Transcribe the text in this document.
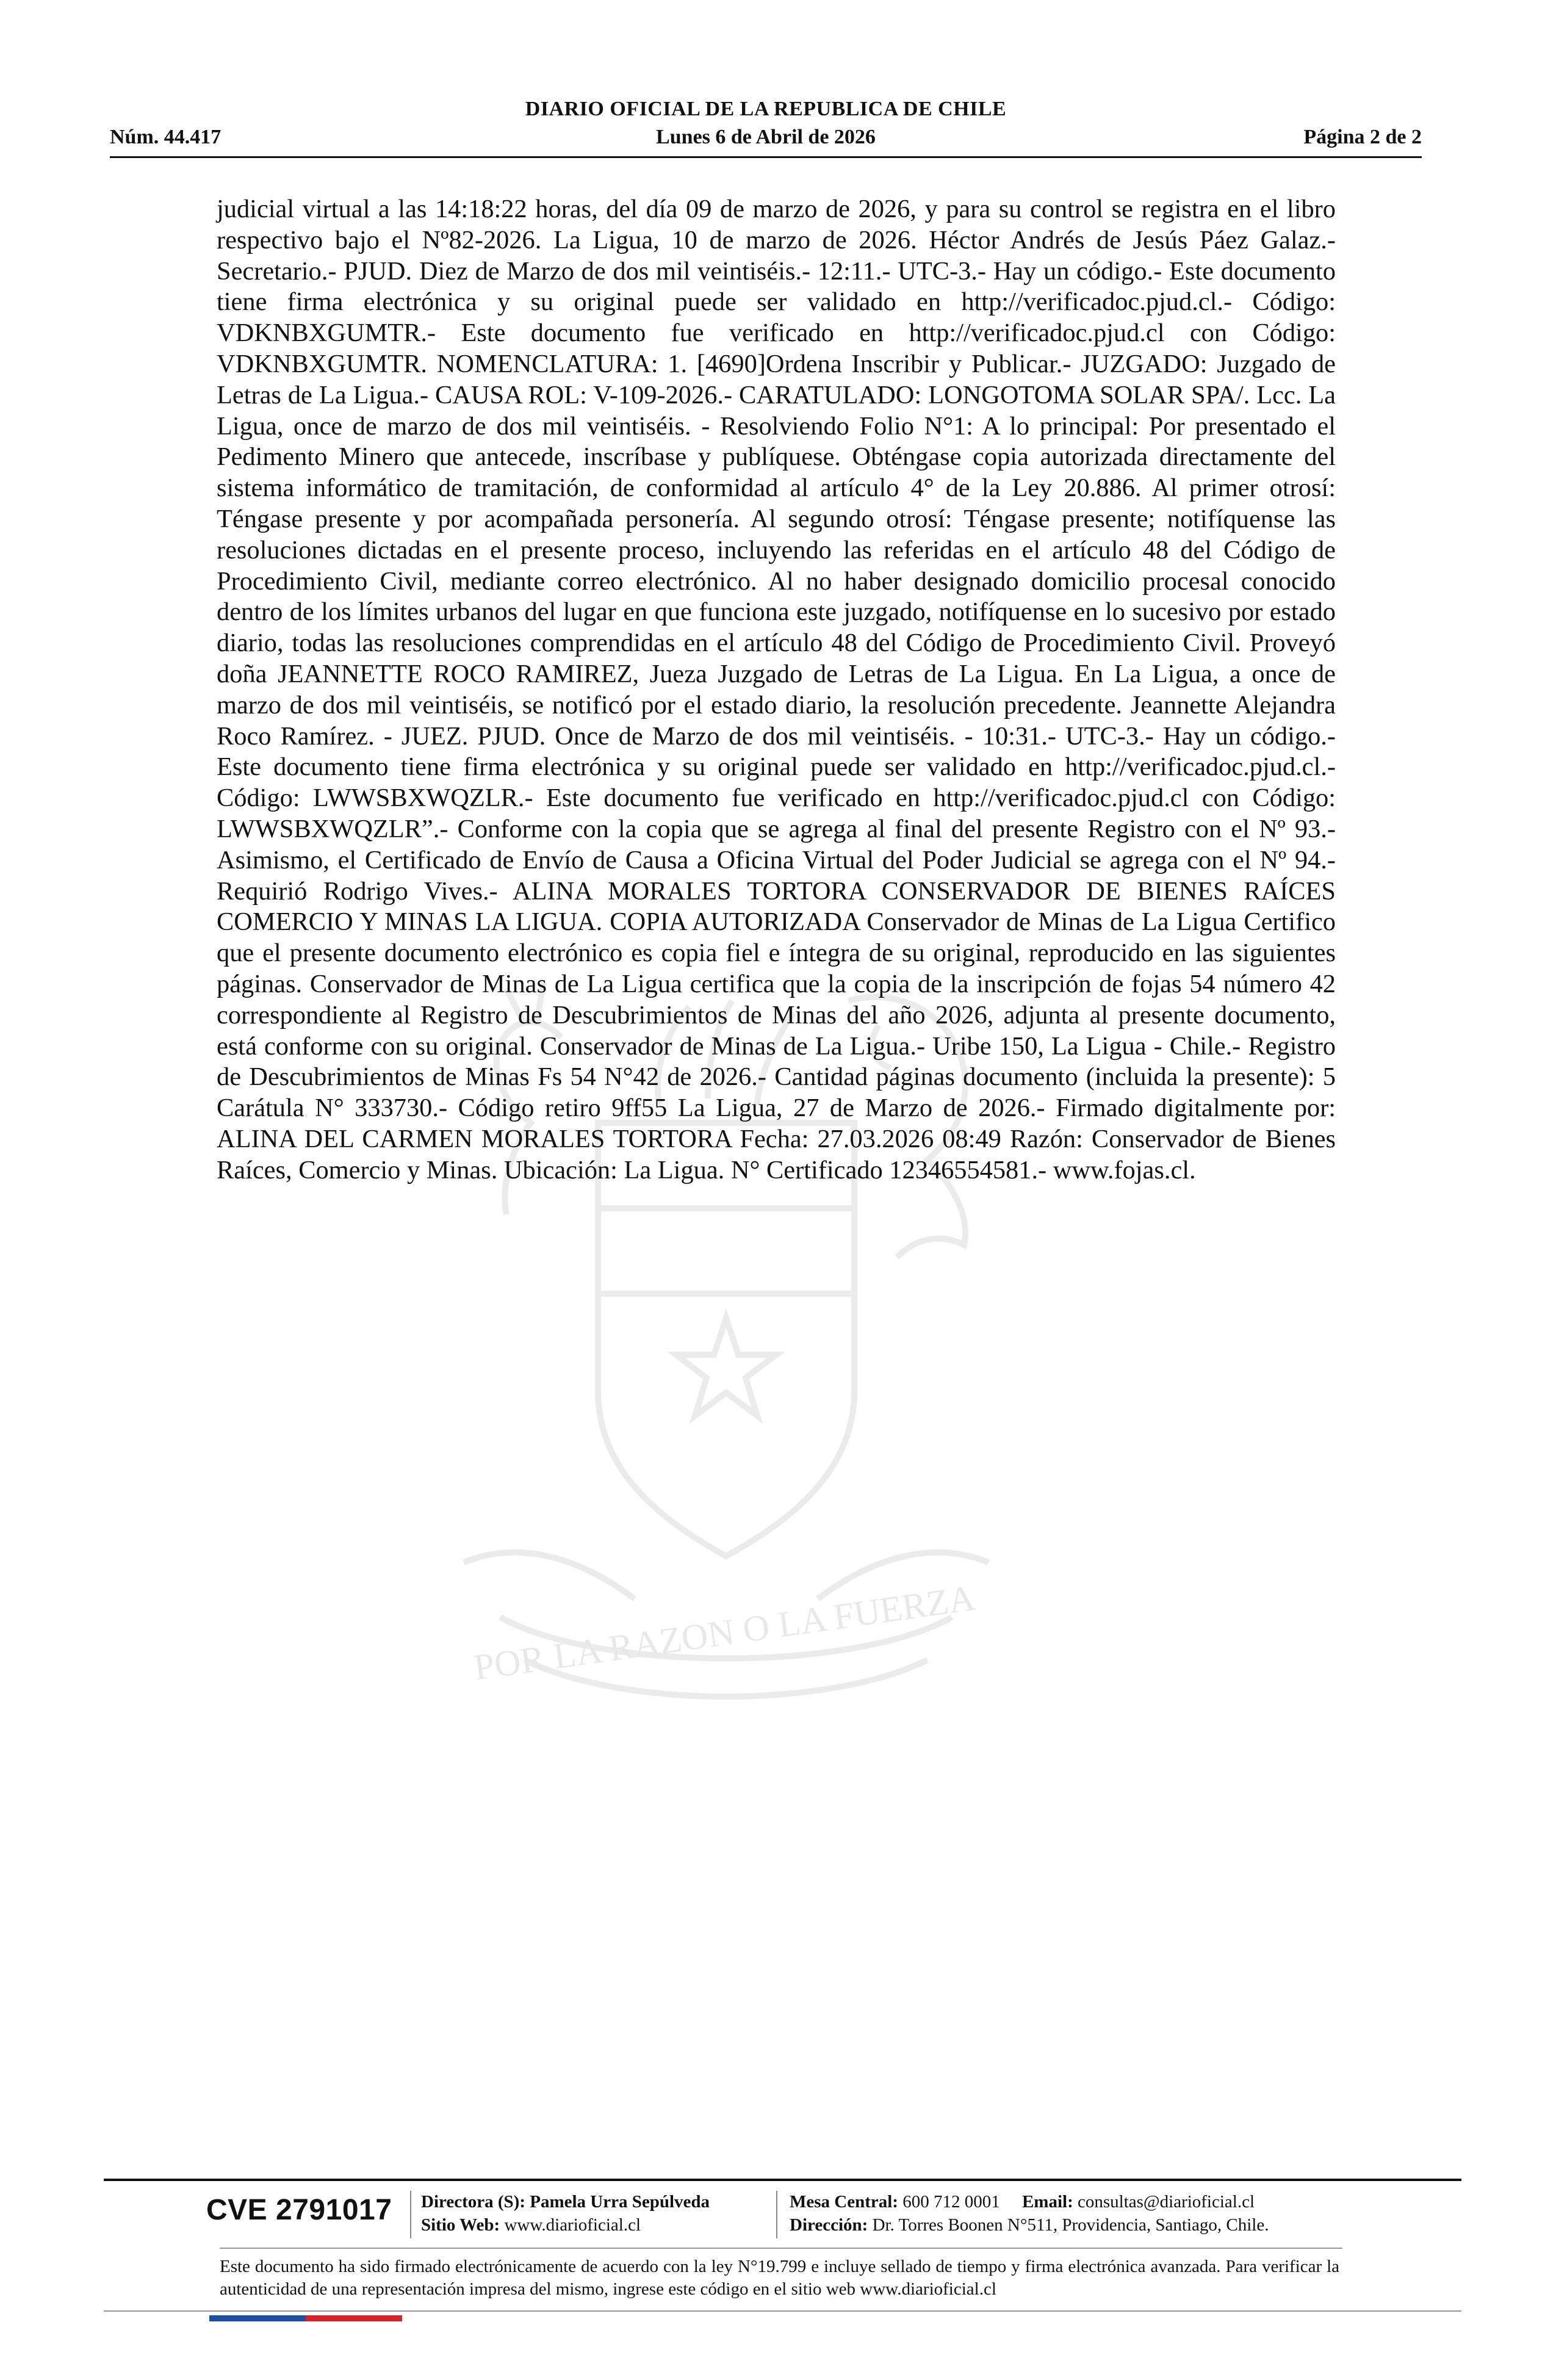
POR LA RAZON O LA FUERZA
DIARIO OFICIAL DE LA REPUBLICA DE CHILE
Núm. 44.417	Lunes 6 de Abril de 2026	Página 2 de 2

judicial virtual a las 14:18:22 horas, del día 09 de marzo de 2026, y para su control se registra en el libro respectivo bajo el Nº82-2026. La Ligua, 10 de marzo de 2026. Héctor Andrés de Jesús Páez Galaz.- Secretario.- PJUD. Diez de Marzo de dos mil veintiséis.- 12:11.- UTC-3.- Hay un código.- Este documento tiene firma electrónica y su original puede ser validado en http://verificadoc.pjud.cl.- Código: VDKNBXGUMTR.- Este documento fue verificado en http://verificadoc.pjud.cl con Código: VDKNBXGUMTR. NOMENCLATURA: 1. [4690]Ordena Inscribir y Publicar.- JUZGADO: Juzgado de Letras de La Ligua.- CAUSA ROL: V-109-2026.- CARATULADO: LONGOTOMA SOLAR SPA/. Lcc. La Ligua, once de marzo de dos mil veintiséis. - Resolviendo Folio N°1: A lo principal: Por presentado el Pedimento Minero que antecede, inscríbase y publíquese. Obténgase copia autorizada directamente del sistema informático de tramitación, de conformidad al artículo 4° de la Ley 20.886. Al primer otrosí: Téngase presente y por acompañada personería. Al segundo otrosí: Téngase presente; notifíquense las resoluciones dictadas en el presente proceso, incluyendo las referidas en el artículo 48 del Código de Procedimiento Civil, mediante correo electrónico. Al no haber designado domicilio procesal conocido dentro de los límites urbanos del lugar en que funciona este juzgado, notifíquense en lo sucesivo por estado diario, todas las resoluciones comprendidas en el artículo 48 del Código de Procedimiento Civil. Proveyó doña JEANNETTE ROCO RAMIREZ, Jueza Juzgado de Letras de La Ligua. En La Ligua, a once de marzo de dos mil veintiséis, se notificó por el estado diario, la resolución precedente. Jeannette Alejandra Roco Ramírez. - JUEZ. PJUD. Once de Marzo de dos mil veintiséis. - 10:31.- UTC-3.- Hay un código.- Este documento tiene firma electrónica y su original puede ser validado en http://verificadoc.pjud.cl.- Código: LWWSBXWQZLR.- Este documento fue verificado en http://verificadoc.pjud.cl con Código: LWWSBXWQZLR”.- Conforme con la copia que se agrega al final del presente Registro con el Nº 93.- Asimismo, el Certificado de Envío de Causa a Oficina Virtual del Poder Judicial se agrega con el Nº 94.- Requirió Rodrigo Vives.- ALINA MORALES TORTORA CONSERVADOR DE BIENES RAÍCES COMERCIO Y MINAS LA LIGUA. COPIA AUTORIZADA Conservador de Minas de La Ligua Certifico que el presente documento electrónico es copia fiel e íntegra de su original, reproducido en las siguientes páginas. Conservador de Minas de La Ligua certifica que la copia de la inscripción de fojas 54 número 42 correspondiente al Registro de Descubrimientos de Minas del año 2026, adjunta al presente documento, está conforme con su original. Conservador de Minas de La Ligua.- Uribe 150, La Ligua - Chile.- Registro de Descubrimientos de Minas Fs 54 N°42 de 2026.- Cantidad páginas documento (incluida la presente): 5 Carátula N° 333730.- Código retiro 9ff55 La Ligua, 27 de Marzo de 2026.- Firmado digitalmente por: ALINA DEL CARMEN MORALES TORTORA Fecha: 27.03.2026 08:49 Razón: Conservador de Bienes Raíces, Comercio y Minas. Ubicación: La Ligua. N° Certificado 12346554581.- www.fojas.cl.

CVE 2791017 Directora (S): Pamela Urra Sepúlveda
Sitio Web: www.diarioficial.cl
Mesa Central: 600 712 0001 Email: consultas@diarioficial.cl
Dirección: Dr. Torres Boonen N°511, Providencia, Santiago, Chile.

Este documento ha sido firmado electrónicamente de acuerdo con la ley N°19.799 e incluye sellado de tiempo y firma electrónica avanzada. Para verificar la autenticidad de una representación impresa del mismo, ingrese este código en el sitio web www.diarioficial.cl
